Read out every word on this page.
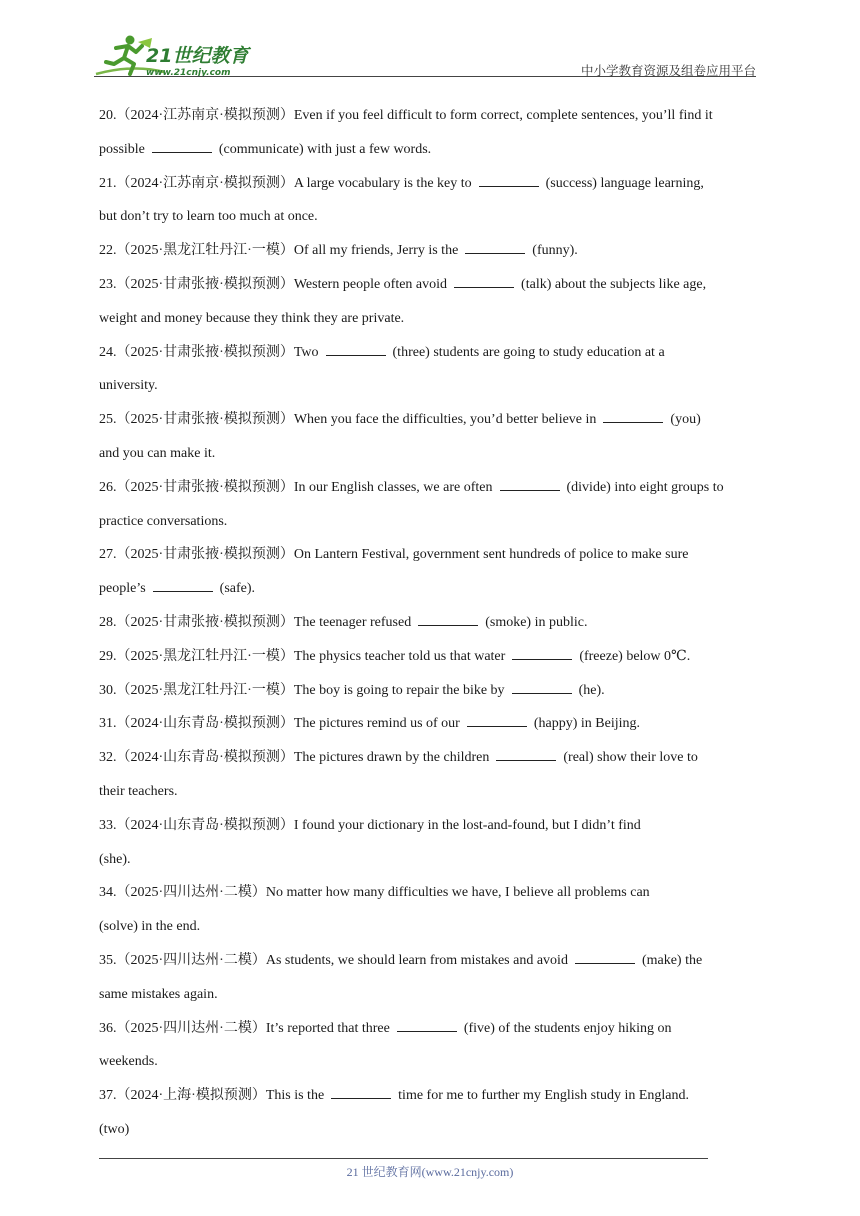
21世纪教育
www.21cnjy.com	中小学教育资源及组卷应用平台
20.（2024·江苏南京·模拟预测）Even if you feel difficult to form correct, complete sentences, you’ll find it
possible	(communicate) with just a few words.
21.（2024·江苏南京·模拟预测）A large vocabulary is the key to	(success) language learning,
but don’t try to learn too much at once.
22.（2025·黑龙江牡丹江·一模）Of all my friends, Jerry is the	(funny).
23.（2025·甘肃张掖·模拟预测）Western people often avoid	(talk) about the subjects like age,
weight and money because they think they are private.
24.（2025·甘肃张掖·模拟预测）Two	(three) students are going to study education at a
university.
25.（2025·甘肃张掖·模拟预测）When you face the difficulties, you’d better believe in	(you)
and you can make it.
26.（2025·甘肃张掖·模拟预测）In our English classes, we are often	(divide) into eight groups to
practice conversations.
27.（2025·甘肃张掖·模拟预测）On Lantern Festival, government sent hundreds of police to make sure
people’s	(safe).
28.（2025·甘肃张掖·模拟预测）The teenager refused	(smoke) in public.
29.（2025·黑龙江牡丹江·一模）The physics teacher told us that water	(freeze) below 0℃.
30.（2025·黑龙江牡丹江·一模）The boy is going to repair the bike by	(he).
31.（2024·山东青岛·模拟预测）The pictures remind us of our	(happy) in Beijing.
32.（2024·山东青岛·模拟预测）The pictures drawn by the children	(real) show their love to
their teachers.
33.（2024·山东青岛·模拟预测）I found your dictionary in the lost-and-found, but I didn’t find
(she).
34.（2025·四川达州·二模）No matter how many difficulties we have, I believe all problems can
(solve) in the end.
35.（2025·四川达州·二模）As students, we should learn from mistakes and avoid	(make) the
same mistakes again.
36.（2025·四川达州·二模）It’s reported that three	(five) of the students enjoy hiking on
weekends.
37.（2024·上海·模拟预测）This is the	time for me to further my English study in England.
(two)
21 世纪教育网(www.21cnjy.com)
